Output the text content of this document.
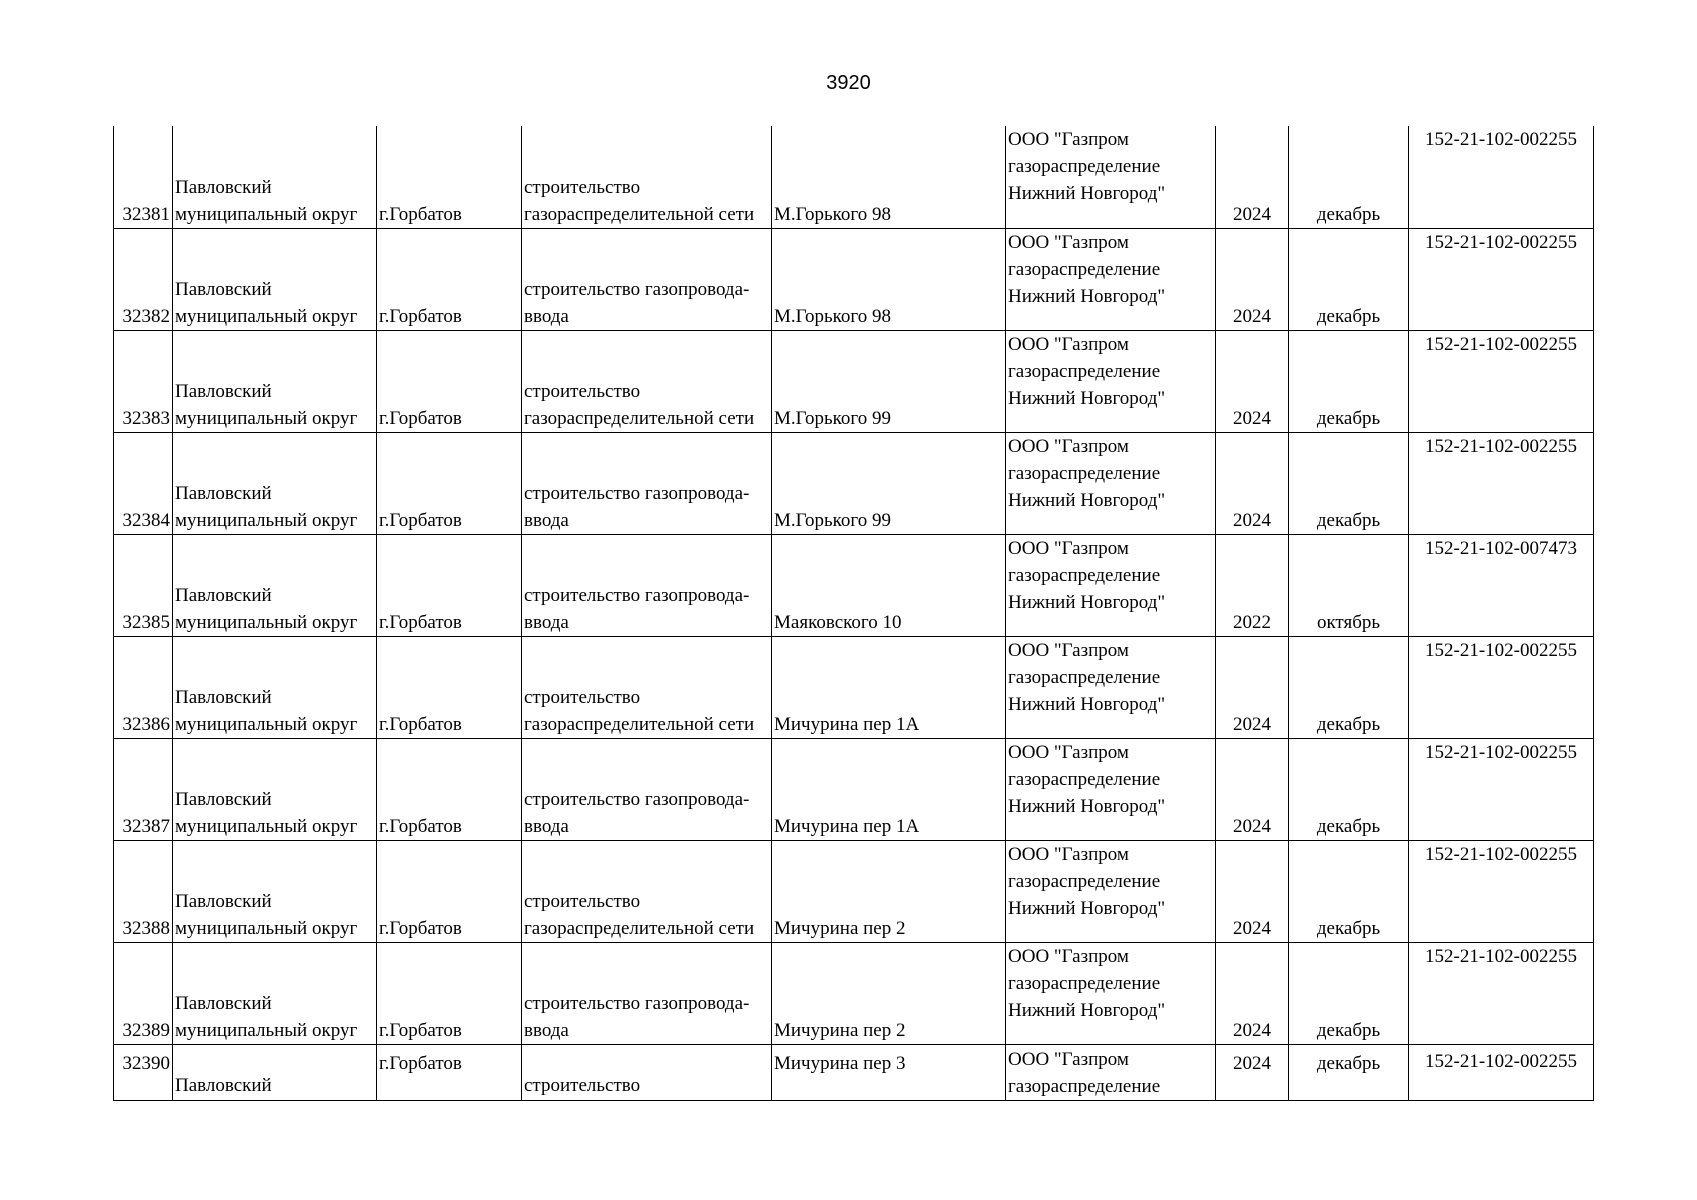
3920
32381	Павловский
муниципальный округ	г.Горбатов	строительство
газораспределительной сети	М.Горького 98	ООО "Газпром
газораспределение
Нижний Новгород"	2024	декабрь	152-21-102-002255
32382	Павловский
муниципальный округ	г.Горбатов	строительство газопровода-
ввода	М.Горького 98	ООО "Газпром
газораспределение
Нижний Новгород"	2024	декабрь	152-21-102-002255
32383	Павловский
муниципальный округ	г.Горбатов	строительство
газораспределительной сети	М.Горького 99	ООО "Газпром
газораспределение
Нижний Новгород"	2024	декабрь	152-21-102-002255
32384	Павловский
муниципальный округ	г.Горбатов	строительство газопровода-
ввода	М.Горького 99	ООО "Газпром
газораспределение
Нижний Новгород"	2024	декабрь	152-21-102-002255
32385	Павловский
муниципальный округ	г.Горбатов	строительство газопровода-
ввода	Маяковского 10	ООО "Газпром
газораспределение
Нижний Новгород"	2022	октябрь	152-21-102-007473
32386	Павловский
муниципальный округ	г.Горбатов	строительство
газораспределительной сети	Мичурина пер 1А	ООО "Газпром
газораспределение
Нижний Новгород"	2024	декабрь	152-21-102-002255
32387	Павловский
муниципальный округ	г.Горбатов	строительство газопровода-
ввода	Мичурина пер 1А	ООО "Газпром
газораспределение
Нижний Новгород"	2024	декабрь	152-21-102-002255
32388	Павловский
муниципальный округ	г.Горбатов	строительство
газораспределительной сети	Мичурина пер 2	ООО "Газпром
газораспределение
Нижний Новгород"	2024	декабрь	152-21-102-002255
32389	Павловский
муниципальный округ	г.Горбатов	строительство газопровода-
ввода	Мичурина пер 2	ООО "Газпром
газораспределение
Нижний Новгород"	2024	декабрь	152-21-102-002255
32390	Павловский	г.Горбатов	строительство	Мичурина пер 3	ООО "Газпром
газораспределение	2024	декабрь	152-21-102-002255
